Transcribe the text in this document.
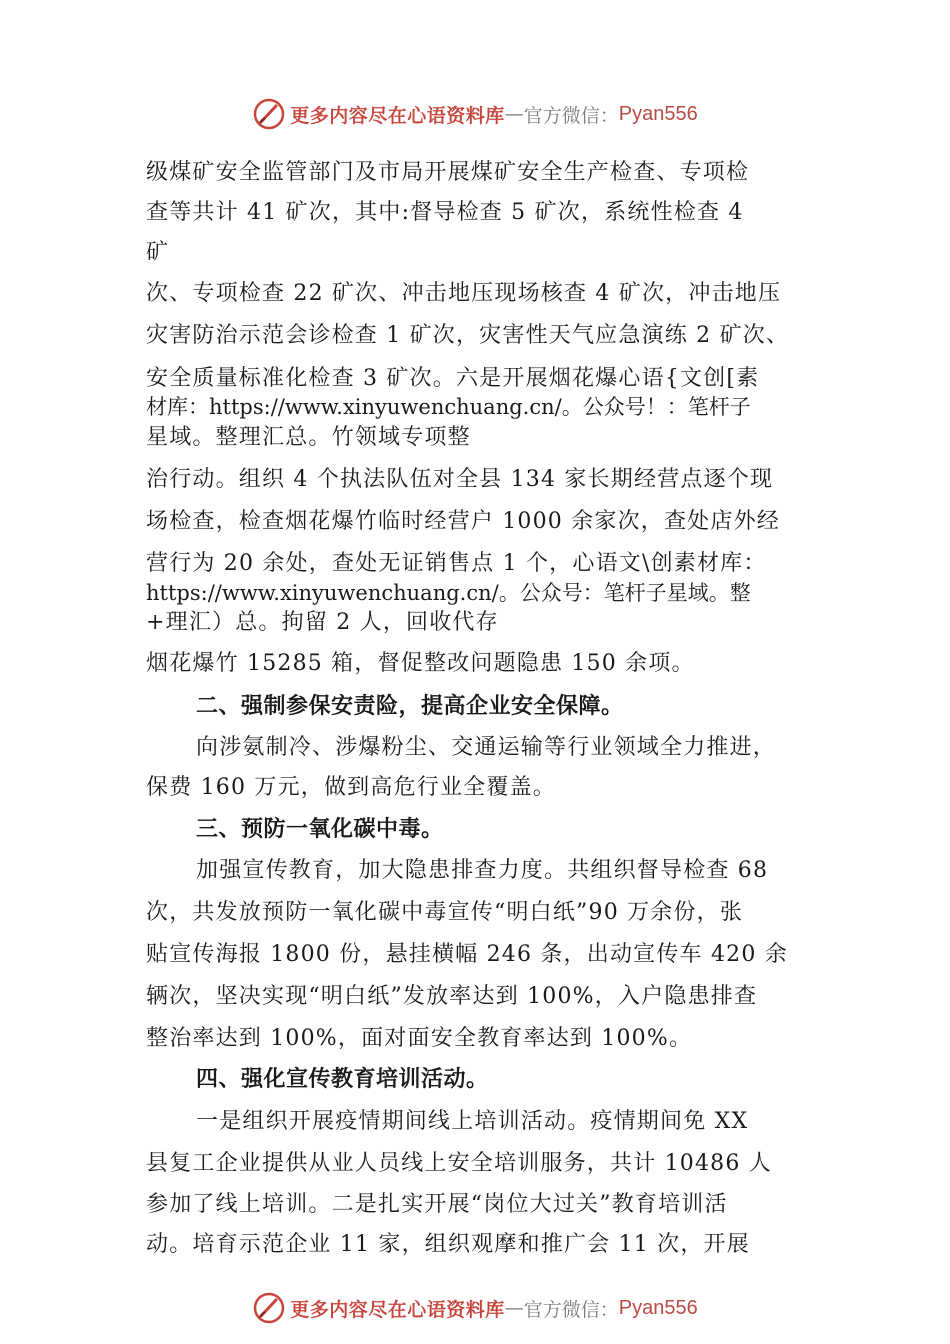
更多内容尽在心语资料库 — 官方微信： Pyan556
级煤矿安全监管部门及市局开展煤矿安全生产检查、专项检
查等共计 41 矿次，其中:督导检查 5 矿次，系统性检查 4
矿
次、专项检查 22 矿次、冲击地压现场核查 4 矿次，冲击地压
灾害防治示范会诊检查 1 矿次，灾害性天气应急演练 2 矿次、
安全质量标准化检查 3 矿次。六是开展烟花爆心语{文创[素
材库：https://www.xinyuwenchuang.cn/。公众号！：笔杆子
星域。整理汇总。竹领域专项整
治行动。组织 4 个执法队伍对全县 134 家长期经营点逐个现
场检查，检查烟花爆竹临时经营户 1000 余家次，查处店外经
营行为 20 余处，查处无证销售点 1 个，心语文\创素材库：
https://www.xinyuwenchuang.cn/。公众号：笔杆子星域。整
+理汇）总。拘留 2 人，回收代存
烟花爆竹 15285 箱，督促整改问题隐患 150 余项。
二、强制参保安责险，提高企业安全保障。
向涉氨制冷、涉爆粉尘、交通运输等行业领域全力推进，
保费 160 万元，做到高危行业全覆盖。
三、预防一氧化碳中毒。
加强宣传教育，加大隐患排查力度。共组织督导检查 68
次，共发放预防一氧化碳中毒宣传“明白纸”90 万余份，张
贴宣传海报 1800 份，悬挂横幅 246 条，出动宣传车 420 余
辆次，坚决实现“明白纸”发放率达到 100%，入户隐患排查
整治率达到 100%，面对面安全教育率达到 100%。
四、强化宣传教育培训活动。
一是组织开展疫情期间线上培训活动。疫情期间免 XX
县复工企业提供从业人员线上安全培训服务，共计 10486 人
参加了线上培训。二是扎实开展“岗位大过关”教育培训活
动。培育示范企业 11 家，组织观摩和推广会 11 次，开展
更多内容尽在心语资料库 — 官方微信： Pyan556
